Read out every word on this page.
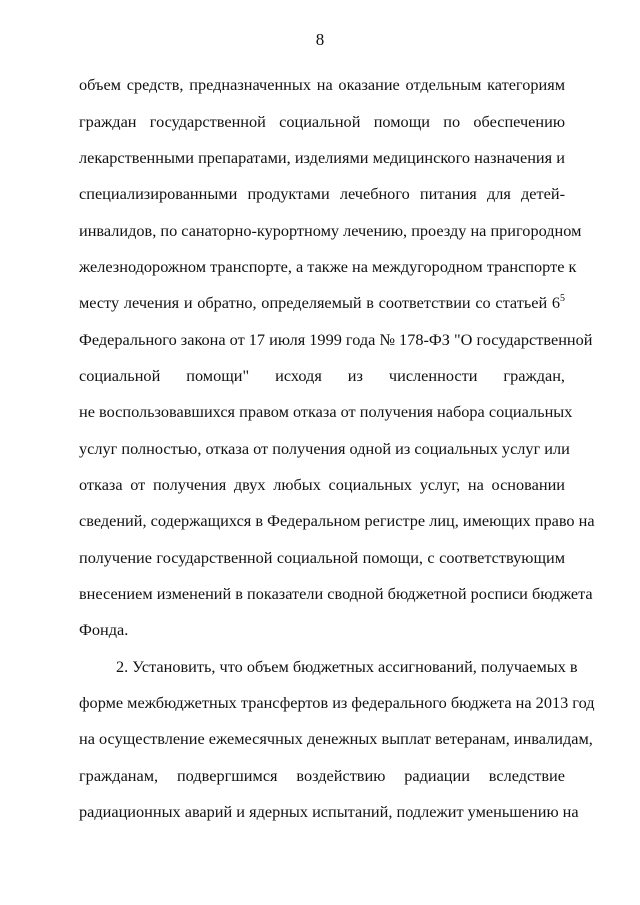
8
объем средств, предназначенных на оказание отдельным категориям
граждан государственной социальной помощи по обеспечению
лекарственными препаратами, изделиями медицинского назначения и
специализированными продуктами лечебного питания для детей-
инвалидов, по санаторно-курортному лечению, проезду на пригородном
железнодорожном транспорте, а также на междугородном транспорте к
месту лечения и обратно, определяемый в соответствии со статьей $6^5$
Федерального закона от 17 июля 1999 года № 178-ФЗ "О государственной
социальной помощи" исходя из численности граждан,
не воспользовавшихся правом отказа от получения набора социальных
услуг полностью, отказа от получения одной из социальных услуг или
отказа от получения двух любых социальных услуг, на основании
сведений, содержащихся в Федеральном регистре лиц, имеющих право на
получение государственной социальной помощи, с соответствующим
внесением изменений в показатели сводной бюджетной росписи бюджета
Фонда.
2. Установить, что объем бюджетных ассигнований, получаемых в
форме межбюджетных трансфертов из федерального бюджета на 2013 год
на осуществление ежемесячных денежных выплат ветеранам, инвалидам,
гражданам, подвергшимся воздействию радиации вследствие
радиационных аварий и ядерных испытаний, подлежит уменьшению на
